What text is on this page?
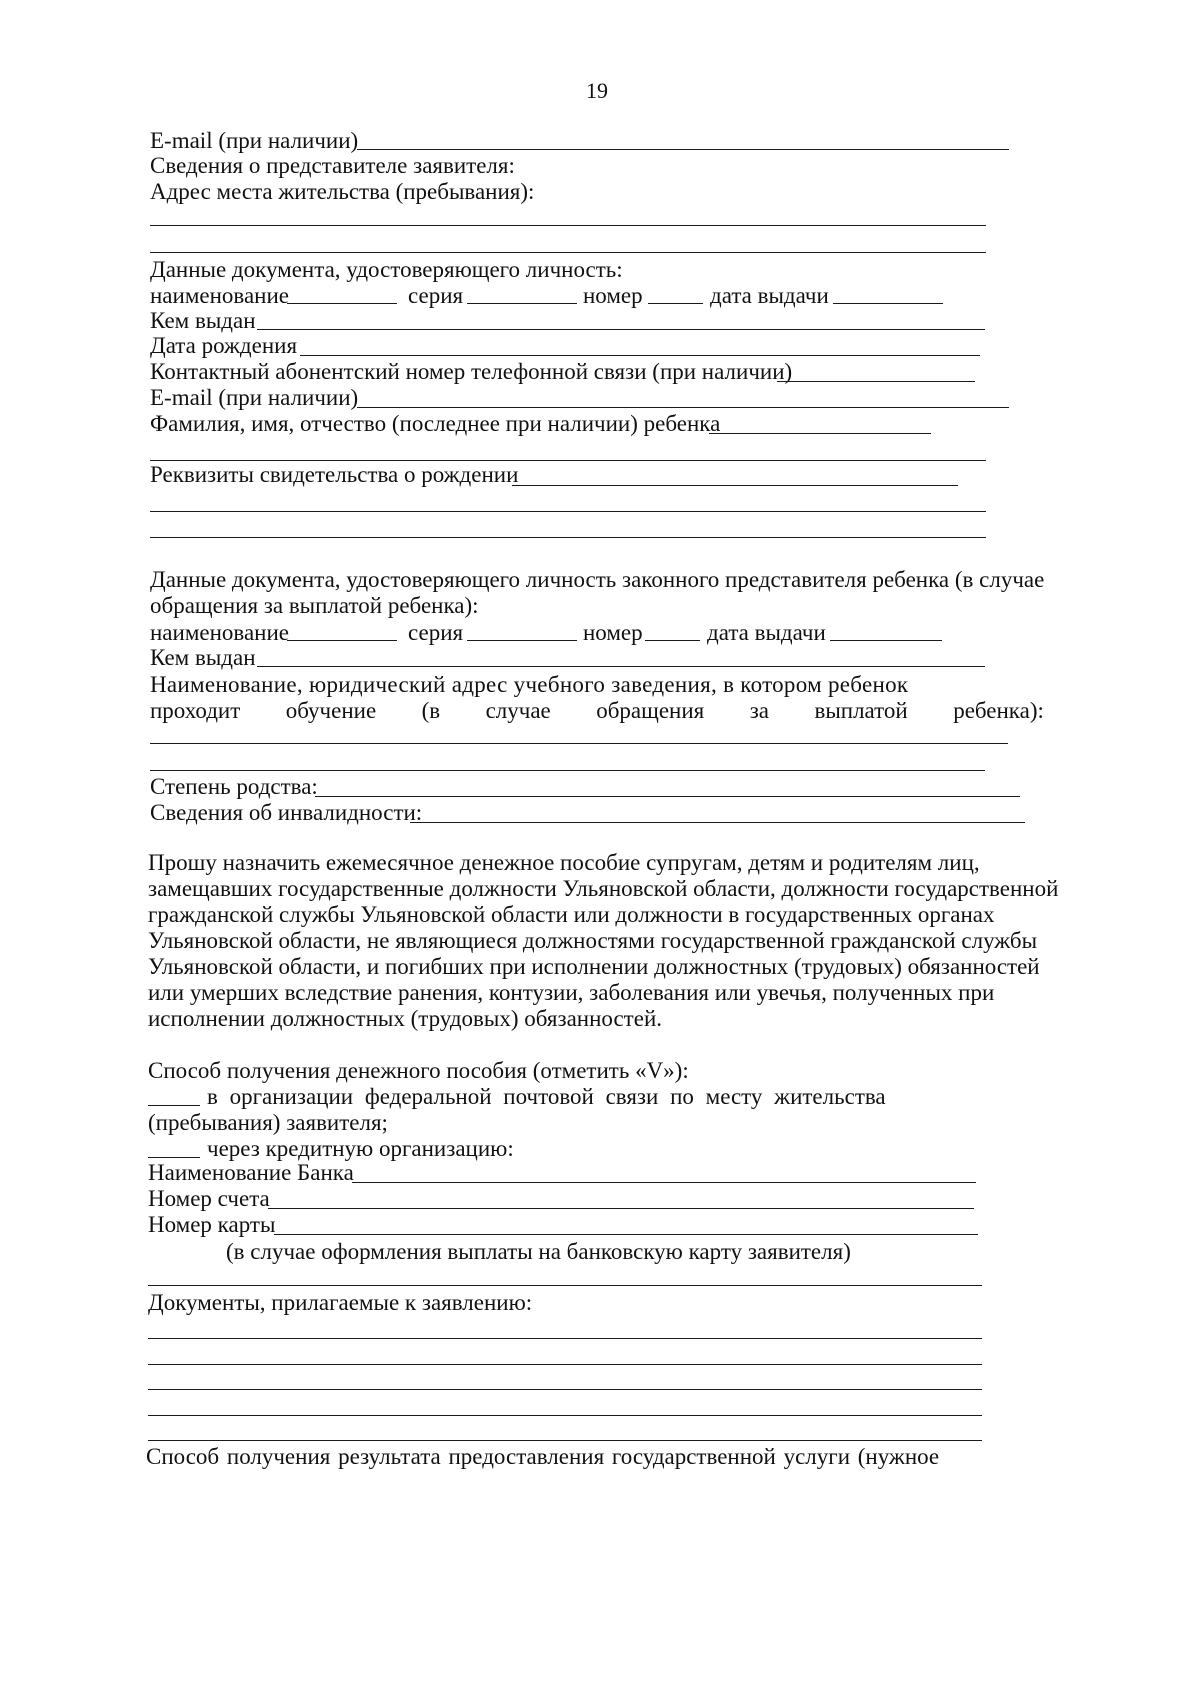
19
E-mail (при наличии)
Сведения о представителе заявителя:
Адрес места жительства (пребывания):
Данные документа, удостоверяющего личность:
наименование	серия	номер	дата выдачи
Кем выдан
Дата рождения
Контактный абонентский номер телефонной связи (при наличии)
E-mail (при наличии)
Фамилия, имя, отчество (последнее при наличии) ребенка
Реквизиты свидетельства о рождении
Данные документа, удостоверяющего личность законного представителя ребенка (в случае
обращения за выплатой ребенка):
наименование	серия	номер	дата выдачи
Кем выдан
Наименование, юридический адрес учебного заведения, в котором ребенок
проходит обучение (в случае обращения за выплатой ребенка):
Степень родства:
Сведения об инвалидности:
Прошу назначить ежемесячное денежное пособие супругам, детям и родителям лиц,
замещавших государственные должности Ульяновской области, должности государственной
гражданской службы Ульяновской области или должности в государственных органах
Ульяновской области, не являющиеся должностями государственной гражданской службы
Ульяновской области, и погибших при исполнении должностных (трудовых) обязанностей
или умерших вследствие ранения, контузии, заболевания или увечья, полученных при
исполнении должностных (трудовых) обязанностей.
Способ получения денежного пособия (отметить «V»):
в организации федеральной почтовой связи по месту жительства
(пребывания) заявителя;
через кредитную организацию:
Наименование Банка
Номер счета
Номер карты
(в случае оформления выплаты на банковскую карту заявителя)
Документы, прилагаемые к заявлению:
Способ получения результата предоставления государственной услуги (нужное
